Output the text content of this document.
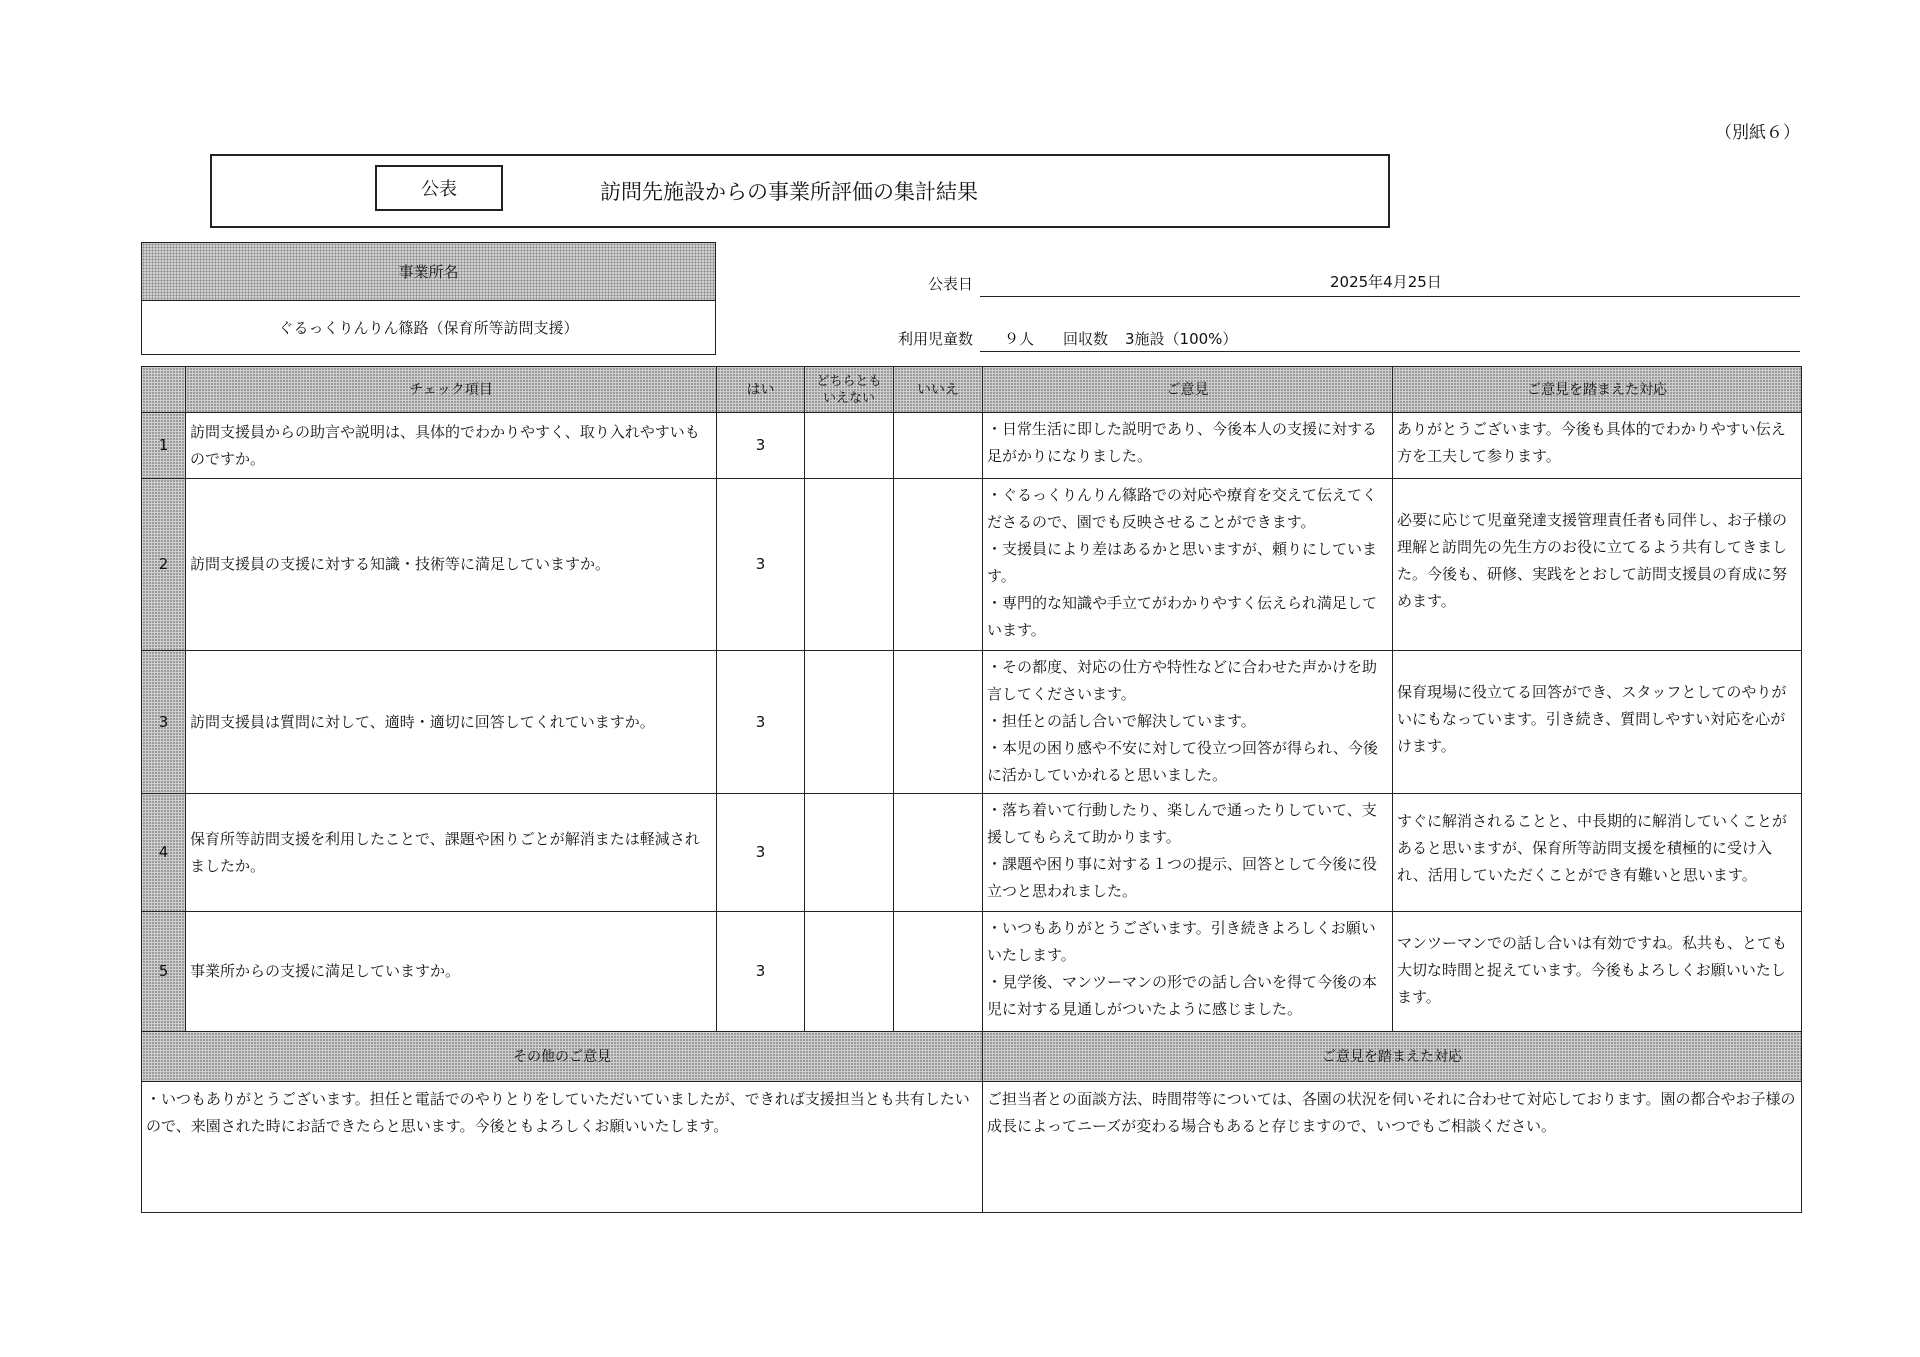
（別紙６）
公表	訪問先施設からの事業所評価の集計結果
事業所名
ぐるっくりんりん篠路（保育所等訪問支援）
公表日	2025年4月25日
利用児童数 ９人 回収数 3施設（100%）
	チェック項目	はい	どちらとも
いえない	いいえ	ご意見	ご意見を踏まえた対応
1	訪問支援員からの助言や説明は、具体的でわかりやすく、取り入れやすいものですか。	3			・日常生活に即した説明であり、今後本人の支援に対する足がかりになりました。	ありがとうございます。今後も具体的でわかりやすい伝え方を工夫して参ります。
2	訪問支援員の支援に対する知識・技術等に満足していますか。	3			・ぐるっくりんりん篠路での対応や療育を交えて伝えてくださるので、園でも反映させることができます。
・支援員により差はあるかと思いますが、頼りにしています。
・専門的な知識や手立てがわかりやすく伝えられ満足しています。	必要に応じて児童発達支援管理責任者も同伴し、お子様の理解と訪問先の先生方のお役に立てるよう共有してきました。今後も、研修、実践をとおして訪問支援員の育成に努めます。
3	訪問支援員は質問に対して、適時・適切に回答してくれていますか。	3			・その都度、対応の仕方や特性などに合わせた声かけを助言してくださいます。
・担任との話し合いで解決しています。
・本児の困り感や不安に対して役立つ回答が得られ、今後に活かしていかれると思いました。	保育現場に役立てる回答ができ、スタッフとしてのやりがいにもなっています。引き続き、質問しやすい対応を心がけます。
4	保育所等訪問支援を利用したことで、課題や困りごとが解消または軽減されましたか。	3			・落ち着いて行動したり、楽しんで通ったりしていて、支援してもらえて助かります。
・課題や困り事に対する１つの提示、回答として今後に役立つと思われました。	すぐに解消されることと、中長期的に解消していくことがあると思いますが、保育所等訪問支援を積極的に受け入れ、活用していただくことができ有難いと思います。
5	事業所からの支援に満足していますか。	3			・いつもありがとうございます。引き続きよろしくお願いいたします。
・見学後、マンツーマンの形での話し合いを得て今後の本児に対する見通しがついたように感じました。	マンツーマンでの話し合いは有効ですね。私共も、とても大切な時間と捉えています。今後もよろしくお願いいたします。
その他のご意見					ご意見を踏まえた対応	
・いつもありがとうございます。担任と電話でのやりとりをしていただいていましたが、できれば支援担当とも共有したいので、来園された時にお話できたらと思います。今後ともよろしくお願いいたします。					ご担当者との面談方法、時間帯等については、各園の状況を伺いそれに合わせて対応しております。園の都合やお子様の成長によってニーズが変わる場合もあると存じますので、いつでもご相談ください。	
